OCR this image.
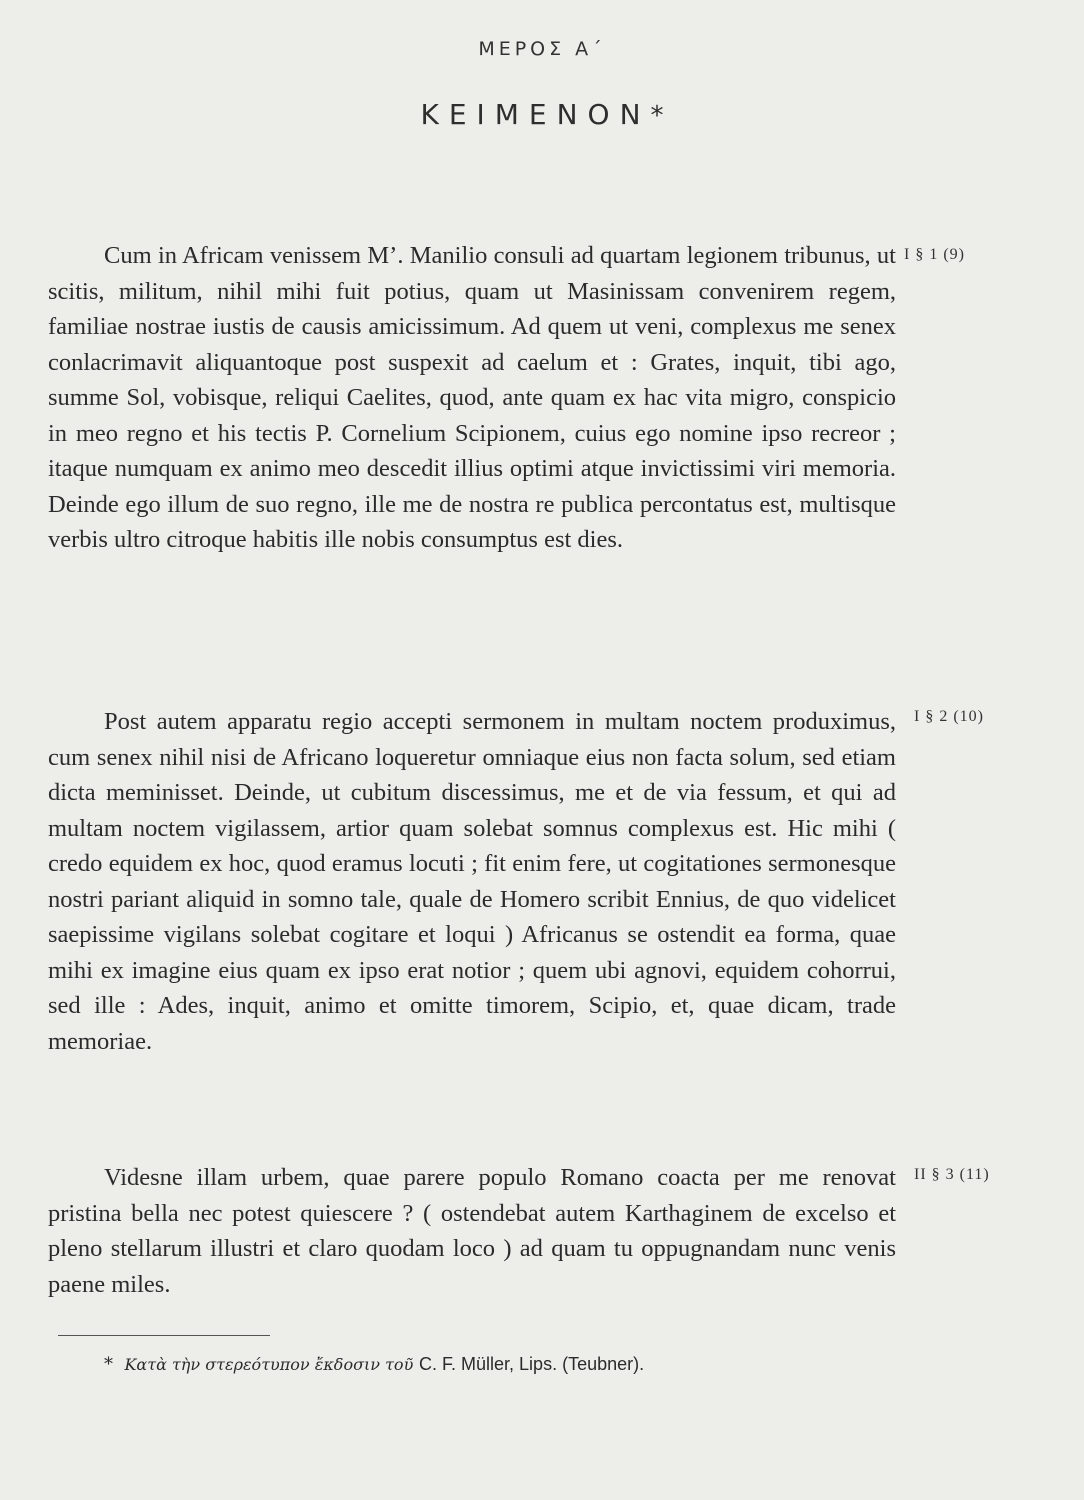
ΜΕΡΟΣ Α΄
ΚΕΙΜΕΝΟΝ*

Cum in Africam venissem M’. Manilio consuli ad quartam legionem tribunus, ut scitis, militum, nihil mihi fuit potius, quam ut Masinissam convenirem regem, familiae nostrae iustis de causis amicissimum. Ad quem ut veni, complexus me senex conlacrimavit aliquantoque post suspexit ad caelum et : Grates, inquit, tibi ago, summe Sol, vobisque, reliqui Caelites, quod, ante quam ex hac vita migro, conspicio in meo regno et his tectis P. Cornelium Scipionem, cuius ego nomine ipso recreor ; itaque numquam ex animo meo descedit illius optimi atque invictissimi viri memoria. Deinde ego illum de suo regno, ille me de nostra re publica percontatus est, multisque verbis ultro citroque habitis ille nobis consumptus est dies.

I § 1 (9)

Post autem apparatu regio accepti sermonem in multam noctem produximus, cum senex nihil nisi de Africano loqueretur omniaque eius non facta solum, sed etiam dicta meminisset. Deinde, ut cubitum discessimus, me et de via fessum, et qui ad multam noctem vigilassem, artior quam solebat somnus complexus est. Hic mihi ( credo equidem ex hoc, quod eramus locuti ; fit enim fere, ut cogitationes sermonesque nostri pariant aliquid in somno tale, quale de Homero scribit Ennius, de quo videlicet saepissime vigilans solebat cogitare et loqui ) Africanus se ostendit ea forma, quae mihi ex imagine eius quam ex ipso erat notior ; quem ubi agnovi, equidem cohorrui, sed ille : Ades, inquit, animo et omitte timorem, Scipio, et, quae dicam, trade memoriae.

I § 2 (10)

Videsne illam urbem, quae parere populo Romano coacta per me renovat pristina bella nec potest quiescere ? ( ostendebat autem Karthaginem de excelso et pleno stellarum illustri et claro quodam loco ) ad quam tu oppugnandam nunc venis paene miles.

II § 3 (11)
* Κατὰ τὴν στερεότυπον ἔκδοσιν τοῦ C. F. Müller, Lips. (Teubner).
